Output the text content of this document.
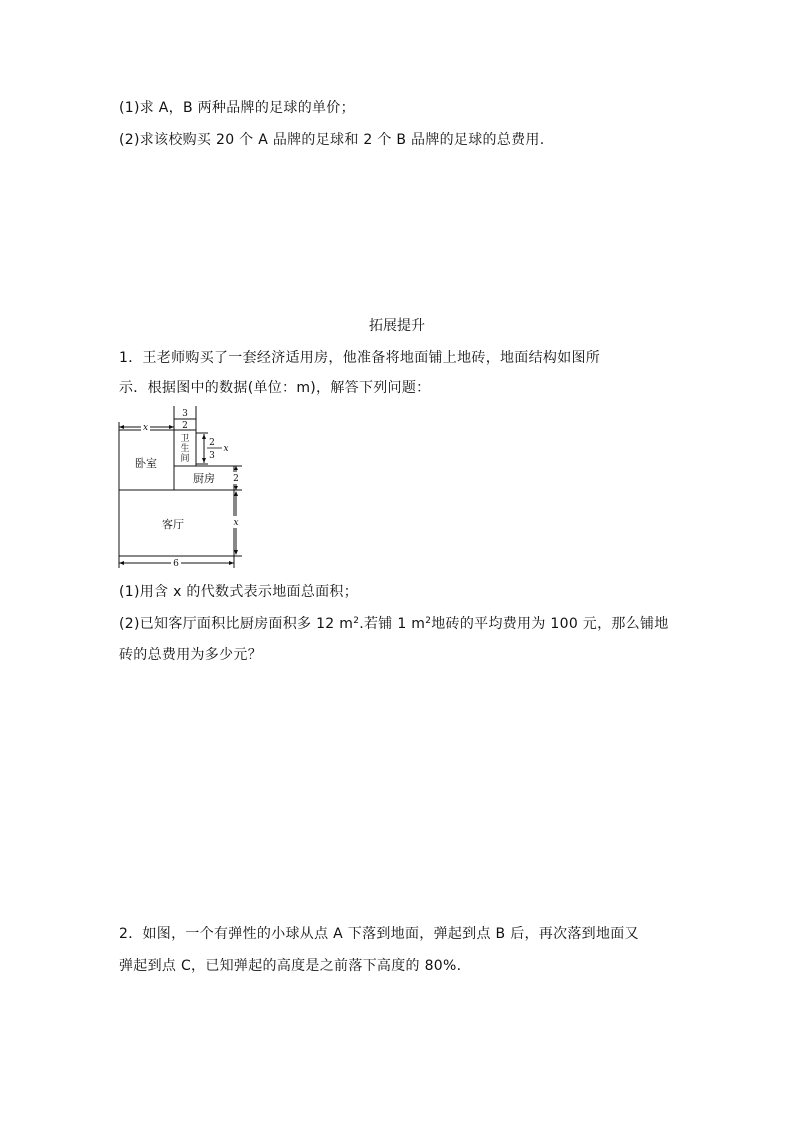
(1)求 A，B 两种品牌的足球的单价；
(2)求该校购买 20 个 A 品牌的足球和 2 个 B 品牌的足球的总费用.
拓展提升
1．王老师购买了一套经济适用房，他准备将地面铺上地砖，地面结构如图所
示．根据图中的数据(单位：m)，解答下列问题：
x
3
2
2
3
x
2
x
6
卧室
卫
生
间
厨房
客厅
(1)用含 x 的代数式表示地面总面积；
(2)已知客厅面积比厨房面积多 12 $m^2$.若铺 1 $m^2$地砖的平均费用为 100 元，那么铺地
砖的总费用为多少元？
2．如图，一个有弹性的小球从点 A 下落到地面，弹起到点 B 后，再次落到地面又
弹起到点 C，已知弹起的高度是之前落下高度的 80%.
